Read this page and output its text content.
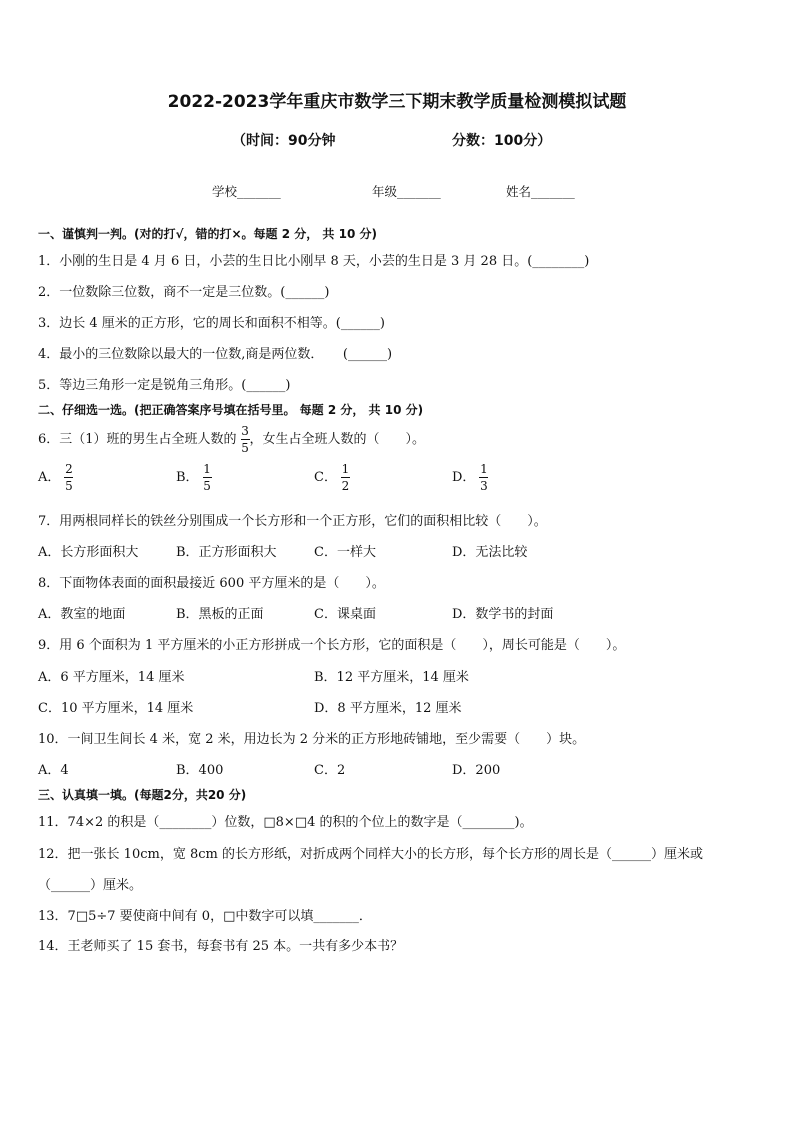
2022-2023学年重庆市数学三下期末教学质量检测模拟试题
（时间：90分钟	分数：100分）
学校_______	年级_______	姓名_______
一、谨慎判一判。(对的打√，错的打×。每题 2 分， 共 10 分)
1．小刚的生日是 4 月 6 日，小芸的生日比小刚早 8 天，小芸的生日是 3 月 28 日。(________)
2．一位数除三位数，商不一定是三位数。(______)
3．边长 4 厘米的正方形，它的周长和面积不相等。(______)
4．最小的三位数除以最大的一位数,商是两位数．　　(______)
5．等边三角形一定是锐角三角形。(______)
二、仔细选一选。(把正确答案序号填在括号里。 每题 2 分， 共 10 分)
6．三（1）班的男生占全班人数的 $\frac{3}{5}$ ，女生占全班人数的（　　）。
A． $\frac{2}{5}$	B． $\frac{1}{5}$	C． $\frac{1}{2}$	D． $\frac{1}{3}$
7．用两根同样长的铁丝分别围成一个长方形和一个正方形，它们的面积相比较（　　）。
A．长方形面积大	B．正方形面积大	C．一样大	D．无法比较
8．下面物体表面的面积最接近 600 平方厘米的是（　　）。
A．教室的地面	B．黑板的正面	C．课桌面	D．数学书的封面
9．用 6 个面积为 1 平方厘米的小正方形拼成一个长方形，它的面积是（　　），周长可能是（　　）。
A．6 平方厘米，14 厘米	B．12 平方厘米，14 厘米
C．10 平方厘米，14 厘米	D．8 平方厘米，12 厘米
10．一间卫生间长 4 米，宽 2 米，用边长为 2 分米的正方形地砖铺地，至少需要（　　）块。
A．4	B．400	C．2	D．200
三、认真填一填。(每题2分，共20 分)
11．74×2 的积是（________）位数，□8×□4 的积的个位上的数字是（________)。
12．把一张长 10cm，宽 8cm 的长方形纸，对折成两个同样大小的长方形，每个长方形的周长是（______）厘米或
（______）厘米。
13．7□5÷7 要使商中间有 0，□中数字可以填_______．
14．王老师买了 15 套书，每套书有 25 本。一共有多少本书？
